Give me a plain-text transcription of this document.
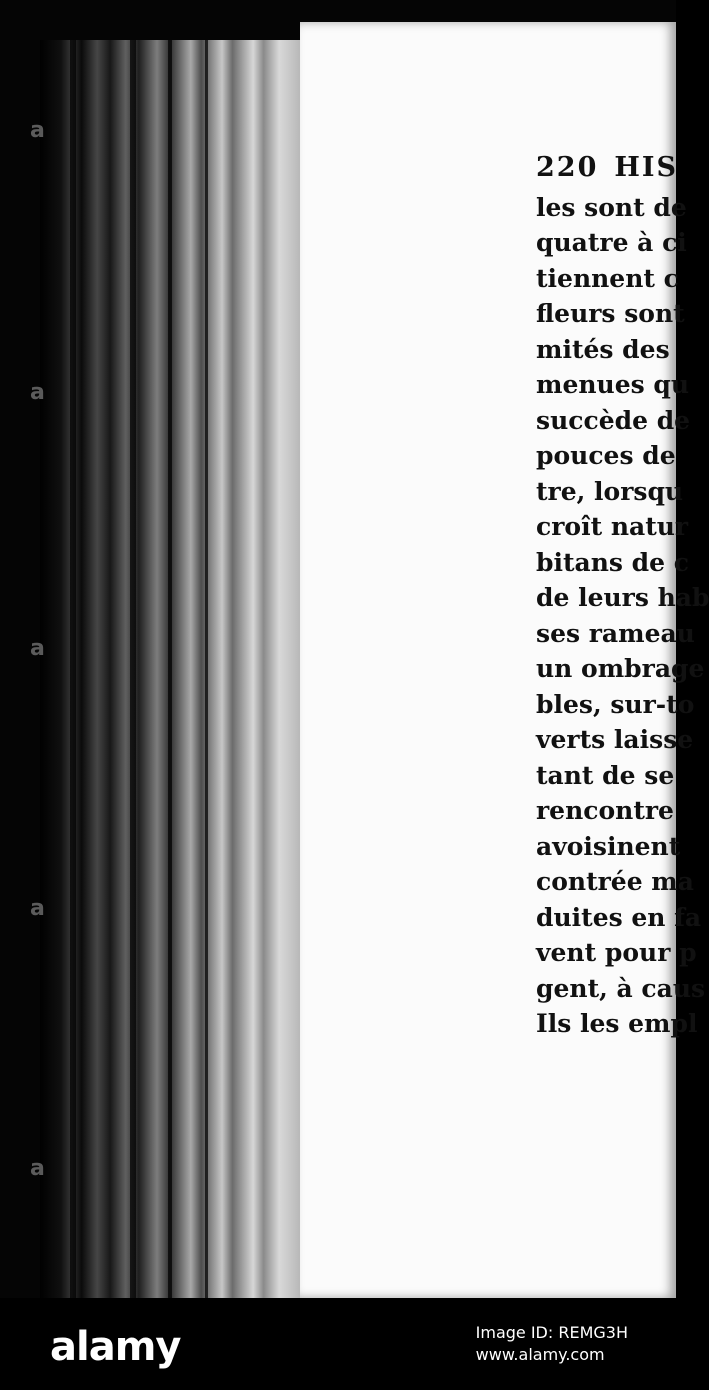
220 HIS
les sont de
quatre à ci
tiennent c
fleurs sont
mités des
menues qu
succède de
pouces de
tre, lorsqu
croît natur
bitans de c
de leurs hab
ses rameau
un ombrage
bles, sur-to
verts laisse
tant de se
rencontre
avoisinent
contrée ma
duites en fa
vent pour p
gent, à caus
Ils les empl
a
a
a
a
a
alamy	Image ID: REMG3H
www.alamy.com
